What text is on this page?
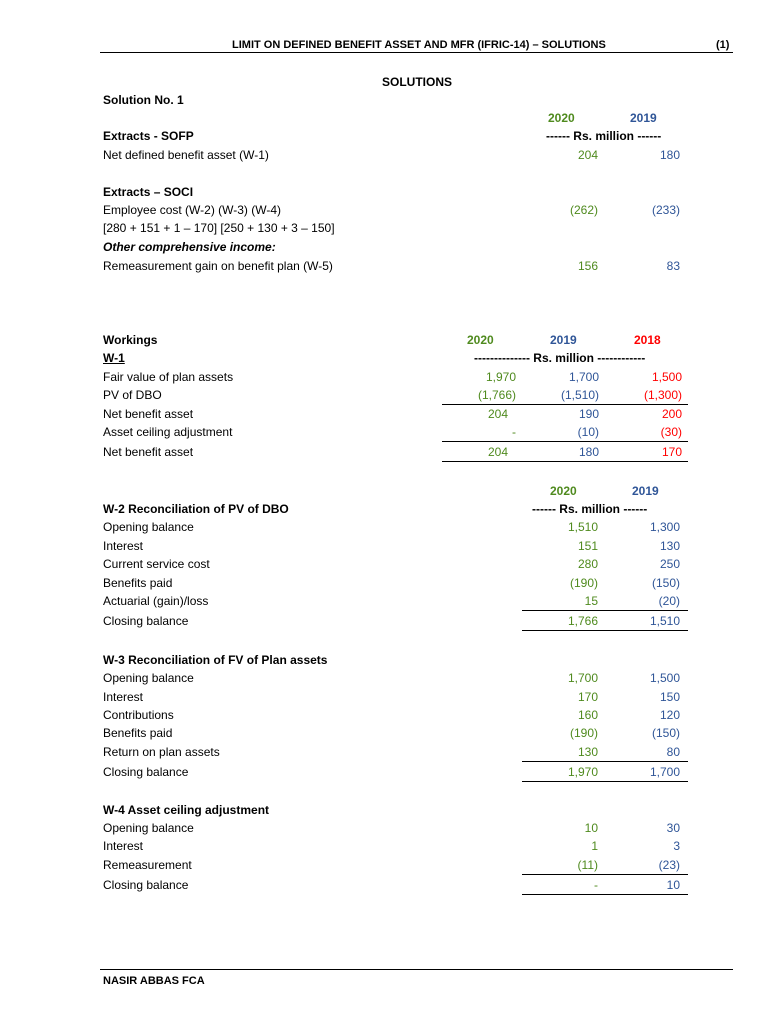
LIMIT ON DEFINED BENEFIT ASSET AND MFR (IFRIC-14) – SOLUTIONS	(1)
SOLUTIONS
Solution No. 1
2020	2019
Extracts - SOFP	------ Rs. million ------
Net defined benefit asset (W-1)	204	180
Extracts – SOCI
Employee cost (W-2) (W-3) (W-4)	(262)	(233)
[280 + 151 + 1 – 170] [250 + 130 + 3 – 150]
Other comprehensive income:
Remeasurement gain on benefit plan (W-5)	156	83
Workings	2020	2019	2018
W-1	-------------- Rs. million ------------
Fair value of plan assets	1,970	1,700	1,500
PV of DBO	(1,766)	(1,510)	(1,300)
Net benefit asset	204	190	200
Asset ceiling adjustment	-	(10)	(30)
Net benefit asset	204	180	170
2020	2019
W-2 Reconciliation of PV of DBO	------ Rs. million ------
Opening balance	1,510	1,300
Interest	151	130
Current service cost	280	250
Benefits paid	(190)	(150)
Actuarial (gain)/loss	15	(20)
Closing balance	1,766	1,510
W-3 Reconciliation of FV of Plan assets
Opening balance	1,700	1,500
Interest	170	150
Contributions	160	120
Benefits paid	(190)	(150)
Return on plan assets	130	80
Closing balance	1,970	1,700
W-4 Asset ceiling adjustment
Opening balance	10	30
Interest	1	3
Remeasurement	(11)	(23)
Closing balance	-	10
NASIR ABBAS FCA
